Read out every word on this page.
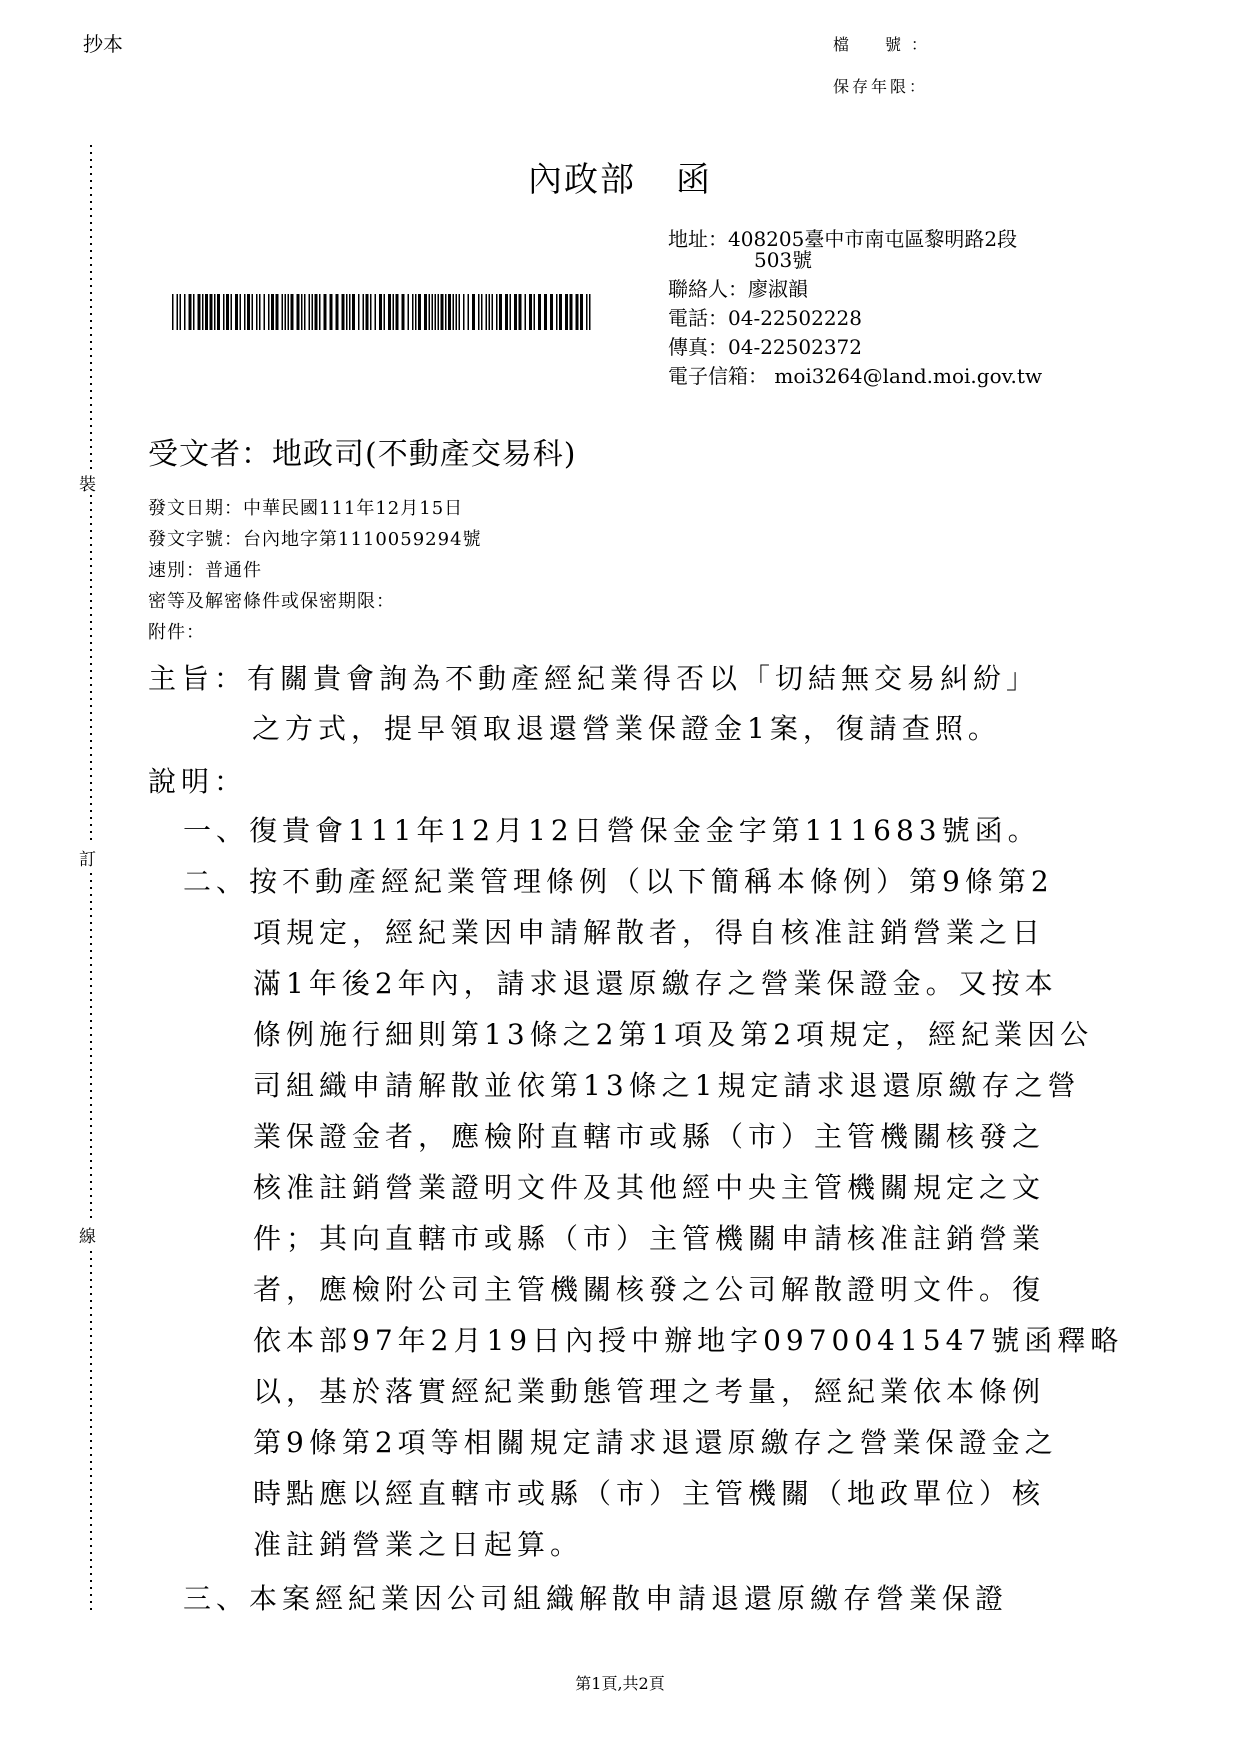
抄本	檔　號：
保存年限：
裝
訂
線
內政部 函
地址：408205臺中市南屯區黎明路2段
503號
聯絡人：廖淑韻
電話：04-22502228
傳真：04-22502372
電子信箱： moi3264@land.moi.gov.tw
受文者：地政司(不動產交易科)
發文日期：中華民國111年12月15日
發文字號：台內地字第1110059294號
速別：普通件
密等及解密條件或保密期限：
附件：
主旨：有關貴會詢為不動產經紀業得否以「切結無交易糾紛」
之方式，提早領取退還營業保證金1案，復請查照。
說明：
一、復貴會111年12月12日營保金金字第111683號函。
二、按不動產經紀業管理條例（以下簡稱本條例）第9條第2
項規定，經紀業因申請解散者，得自核准註銷營業之日
滿1年後2年內，請求退還原繳存之營業保證金。又按本
條例施行細則第13條之2第1項及第2項規定，經紀業因公
司組織申請解散並依第13條之1規定請求退還原繳存之營
業保證金者，應檢附直轄市或縣（市）主管機關核發之
核准註銷營業證明文件及其他經中央主管機關規定之文
件；其向直轄市或縣（市）主管機關申請核准註銷營業
者，應檢附公司主管機關核發之公司解散證明文件。復
依本部97年2月19日內授中辦地字0970041547號函釋略
以，基於落實經紀業動態管理之考量，經紀業依本條例
第9條第2項等相關規定請求退還原繳存之營業保證金之
時點應以經直轄市或縣（市）主管機關（地政單位）核
准註銷營業之日起算。
三、本案經紀業因公司組織解散申請退還原繳存營業保證
第1頁,共2頁
